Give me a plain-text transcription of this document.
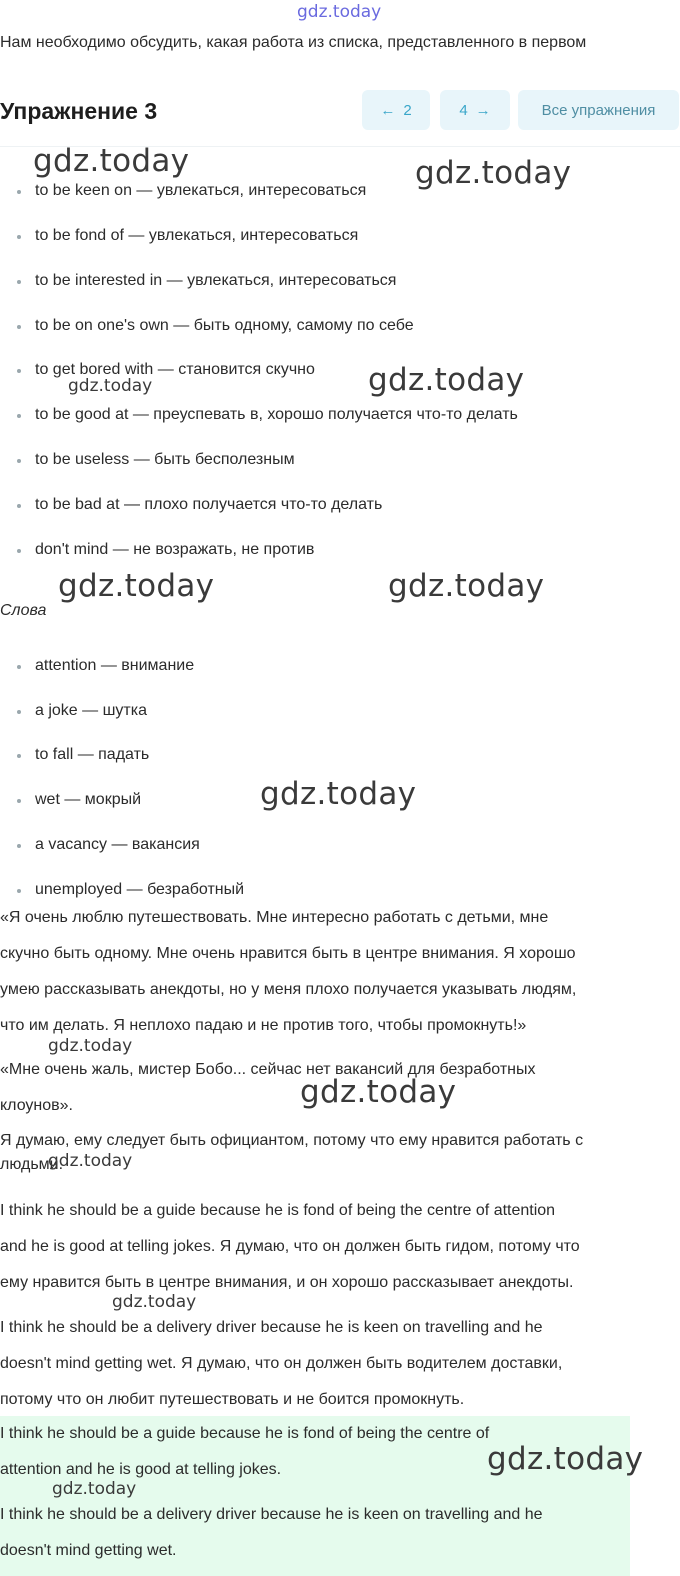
gdz.today
Нам необходимо обсудить, какая работа из списка, представленного в первом
Упражнение 3	← 2	4 →	Все упражнения
to be keen on — увлекаться, интересоваться
to be fond of — увлекаться, интересоваться
to be interested in — увлекаться, интересоваться
to be on one's own — быть одному, самому по себе
to get bored with — становится скучно
to be good at — преуспевать в, хорошо получается что-то делать
to be useless — быть бесполезным
to be bad at — плохо получается что-то делать
don't mind — не возражать, не против
Слова
attention — внимание
a joke — шутка
to fall — падать
wet — мокрый
a vacancy — вакансия
unemployed — безработный
«Я очень люблю путешествовать. Мне интересно работать с детьми, мне
скучно быть одному. Мне очень нравится быть в центре внимания. Я хорошо
умею рассказывать анекдоты, но у меня плохо получается указывать людям,
что им делать. Я неплохо падаю и не против того, чтобы промокнуть!»
«Мне очень жаль, мистер Бобо... сейчас нет вакансий для безработных
клоунов».
Я думаю, ему следует быть официантом, потому что ему нравится работать с
людьми.
I think he should be a guide because he is fond of being the centre of attention
and he is good at telling jokes. Я думаю, что он должен быть гидом, потому что
ему нравится быть в центре внимания, и он хорошо рассказывает анекдоты.
I think he should be a delivery driver because he is keen on travelling and he
doesn't mind getting wet. Я думаю, что он должен быть водителем доставки,
потому что он любит путешествовать и не боится промокнуть.
I think he should be a guide because he is fond of being the centre of
attention and he is good at telling jokes.
I think he should be a delivery driver because he is keen on travelling and he
doesn't mind getting wet.
gdz.today	gdz.today
gdz.today	gdz.today
gdz.today	gdz.today
gdz.today
gdz.today
gdz.today
gdz.today
gdz.today
gdz.today
gdz.today
